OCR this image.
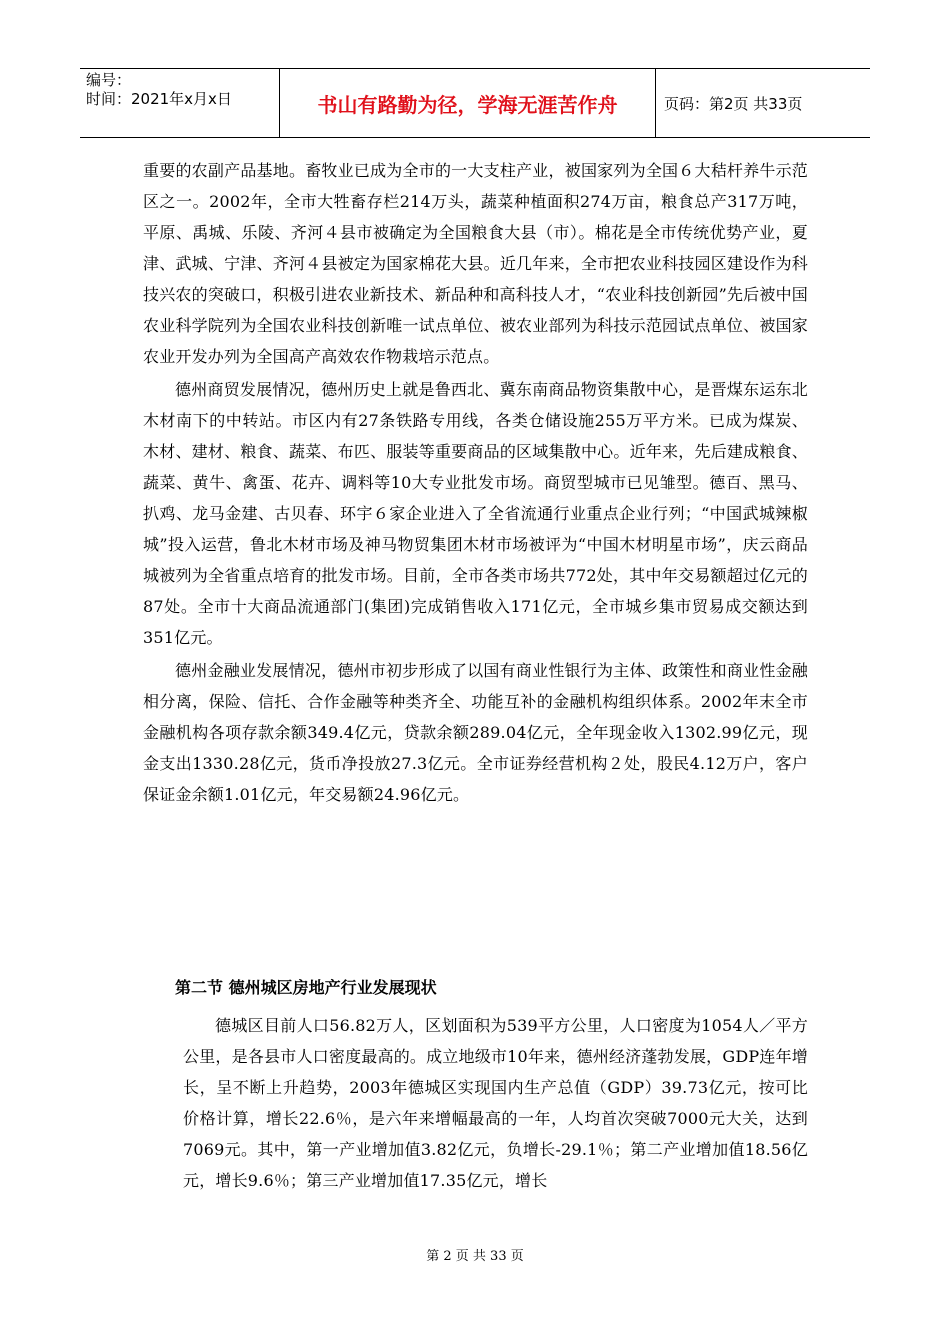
编号：
时间：2021年x月x日	书山有路勤为径，学海无涯苦作舟	页码：第2页 共33页

重要的农副产品基地。畜牧业已成为全市的一大支柱产业，被国家列为全国６大秸杆养牛示范区之一。2002年，全市大牲畜存栏214万头，蔬菜种植面积274万亩，粮食总产317万吨，平原、禹城、乐陵、齐河４县市被确定为全国粮食大县（市）。棉花是全市传统优势产业，夏津、武城、宁津、齐河４县被定为国家棉花大县。近几年来，全市把农业科技园区建设作为科技兴农的突破口，积极引进农业新技术、新品种和高科技人才，“农业科技创新园”先后被中国农业科学院列为全国农业科技创新唯一试点单位、被农业部列为科技示范园试点单位、被国家农业开发办列为全国高产高效农作物栽培示范点。

德州商贸发展情况，德州历史上就是鲁西北、冀东南商品物资集散中心，是晋煤东运东北木材南下的中转站。市区内有27条铁路专用线，各类仓储设施255万平方米。已成为煤炭、木材、建材、粮食、蔬菜、布匹、服装等重要商品的区域集散中心。近年来，先后建成粮食、蔬菜、黄牛、禽蛋、花卉、调料等10大专业批发市场。商贸型城市已见雏型。德百、黑马、扒鸡、龙马金建、古贝春、环宇６家企业进入了全省流通行业重点企业行列；“中国武城辣椒城”投入运营，鲁北木材市场及神马物贸集团木材市场被评为“中国木材明星市场”，庆云商品城被列为全省重点培育的批发市场。目前，全市各类市场共772处，其中年交易额超过亿元的87处。全市十大商品流通部门(集团)完成销售收入171亿元，全市城乡集市贸易成交额达到351亿元。

德州金融业发展情况，德州市初步形成了以国有商业性银行为主体、政策性和商业性金融相分离，保险、信托、合作金融等种类齐全、功能互补的金融机构组织体系。2002年末全市金融机构各项存款余额349.4亿元，贷款余额289.04亿元，全年现金收入1302.99亿元，现金支出1330.28亿元，货币净投放27.3亿元。全市证券经营机构２处，股民4.12万户，客户保证金余额1.01亿元，年交易额24.96亿元。

第二节 德州城区房地产行业发展现状

德城区目前人口56.82万人，区划面积为539平方公里，人口密度为1054人／平方公里，是各县市人口密度最高的。成立地级市10年来，德州经济蓬勃发展，GDP连年增长，呈不断上升趋势，2003年德城区实现国内生产总值（GDP）39.73亿元，按可比价格计算，增长22.6％，是六年来增幅最高的一年，人均首次突破7000元大关，达到7069元。其中，第一产业增加值3.82亿元，负增长-29.1％；第二产业增加值18.56亿元，增长9.6％；第三产业增加值17.35亿元，增长

第 2 页 共 33 页
